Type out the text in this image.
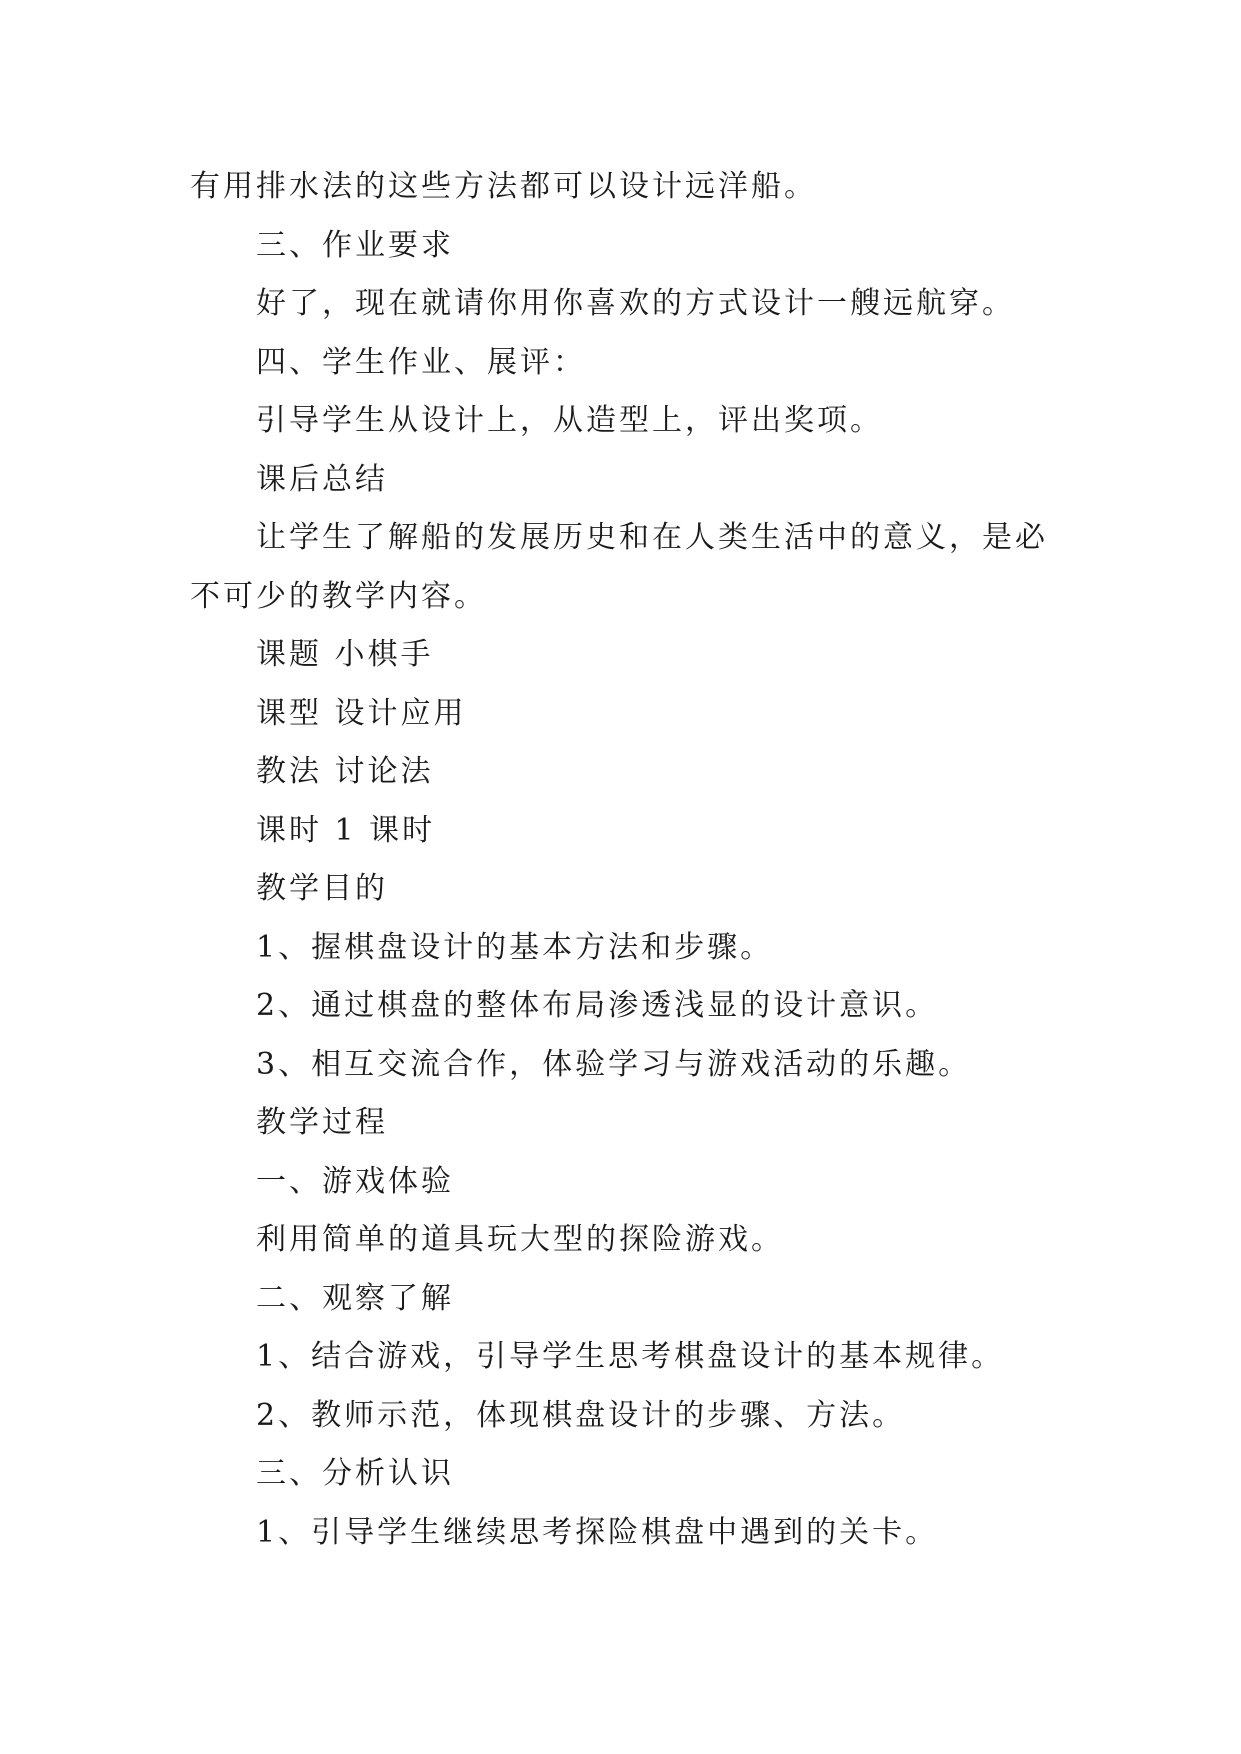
有用排水法的这些方法都可以设计远洋船。
三、作业要求
好了，现在就请你用你喜欢的方式设计一艘远航穿。
四、学生作业、展评：
引导学生从设计上，从造型上，评出奖项。
课后总结
让学生了解船的发展历史和在人类生活中的意义，是必
不可少的教学内容。
课题 小棋手
课型 设计应用
教法 讨论法
课时 1 课时
教学目的
1、握棋盘设计的基本方法和步骤。
2、通过棋盘的整体布局渗透浅显的设计意识。
3、相互交流合作，体验学习与游戏活动的乐趣。
教学过程
一、游戏体验
利用简单的道具玩大型的探险游戏。
二、观察了解
1、结合游戏，引导学生思考棋盘设计的基本规律。
2、教师示范，体现棋盘设计的步骤、方法。
三、分析认识
1、引导学生继续思考探险棋盘中遇到的关卡。
